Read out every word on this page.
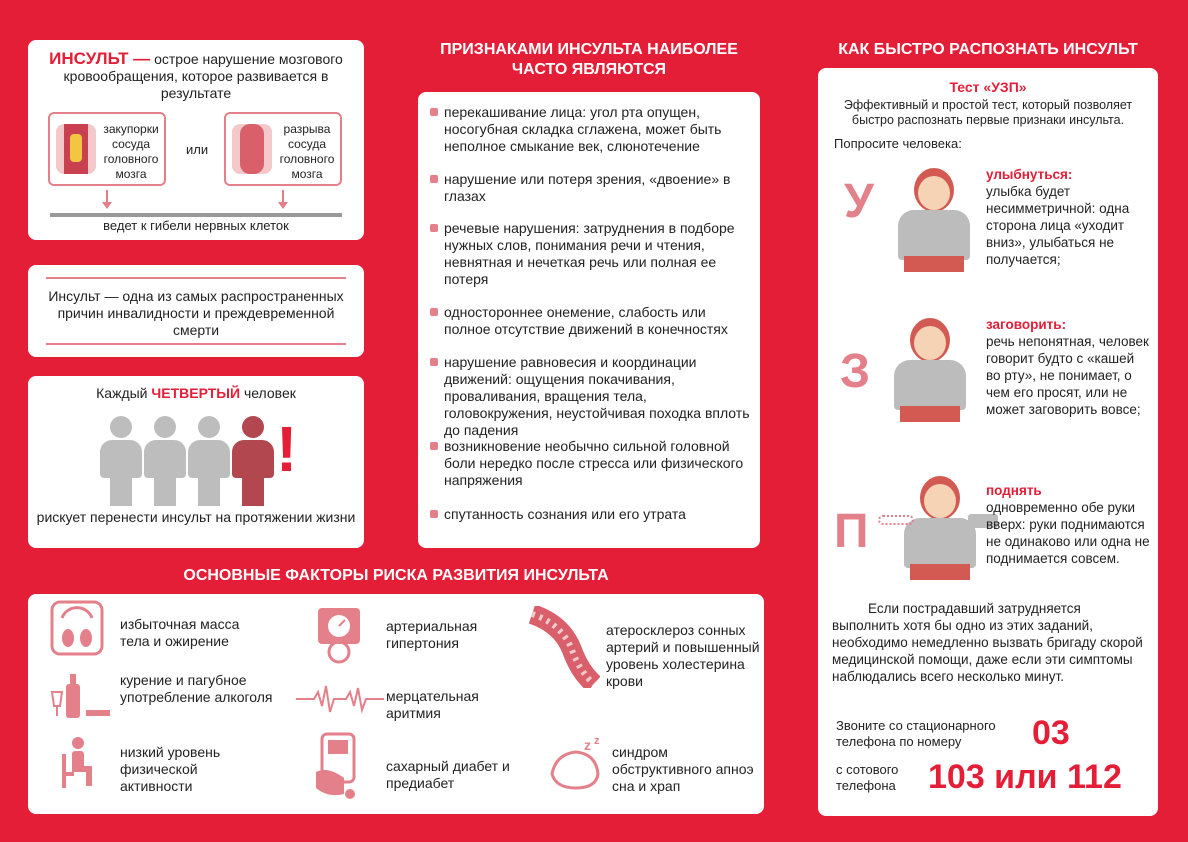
ИНСУЛЬТ — острое нарушение мозгового кровообращения, которое развивается в результате
закупорки сосуда головного мозга
или
разрыва сосуда головного мозга
ведет к гибели нервных клеток
Инсульт — одна из самых распространенных причин инвалидности и преждевременной смерти
Каждый ЧЕТВЕРТЫЙ человек
!
рискует перенести инсульт на протяжении жизни
ПРИЗНАКАМИ ИНСУЛЬТА НАИБОЛЕЕ ЧАСТО ЯВЛЯЮТСЯ
перекашивание лица: угол рта опущен, носогубная складка сглажена, может быть неполное смыкание век, слюнотечение
нарушение или потеря зрения, «двоение» в глазах
речевые нарушения: затруднения в подборе нужных слов, понимания речи и чтения, невнятная и нечеткая речь или полная ее потеря
одностороннее онемение, слабость или полное отсутствие движений в конечностях
нарушение равновесия и координации движений: ощущения покачивания, проваливания, вращения тела, головокружения, неустойчивая походка вплоть до падения
возникновение необычно сильной головной боли нередко после стресса или физического напряжения
спутанность сознания или его утрата
ОСНОВНЫЕ ФАКТОРЫ РИСКА РАЗВИТИЯ ИНСУЛЬТА
избыточная масса тела и ожирение
курение и пагубное употребление алкоголя
низкий уровень физической активности
артериальная гипертония
мерцательная аритмия
сахарный диабет и предиабет
атеросклероз сонных артерий и повышенный уровень холестерина крови
z z
синдром обструктивного апноэ сна и храп
КАК БЫСТРО РАСПОЗНАТЬ ИНСУЛЬТ
Тест «УЗП»
Эффективный и простой тест, который позволяет быстро распознать первые признаки инсульта.
Попросите человека:
У
улыбнуться:
улыбка будет несимметричной: одна сторона лица «уходит вниз», улыбаться не получается;
З
заговорить:
речь непонятная, человек говорит будто с «кашей во рту», не понимает, о чем его просят, или не может заговорить вовсе;
П
поднять
одновременно обе руки вверх: руки поднимаются не одинаково или одна не поднимается совсем.
Если пострадавший затрудняется выполнить хотя бы одно из этих заданий, необходимо немедленно вызвать бригаду скорой медицинской помощи, даже если эти симптомы наблюдались всего несколько минут.
Звоните со стационарного телефона по номеру	03
с сотового телефона 103 или 112
